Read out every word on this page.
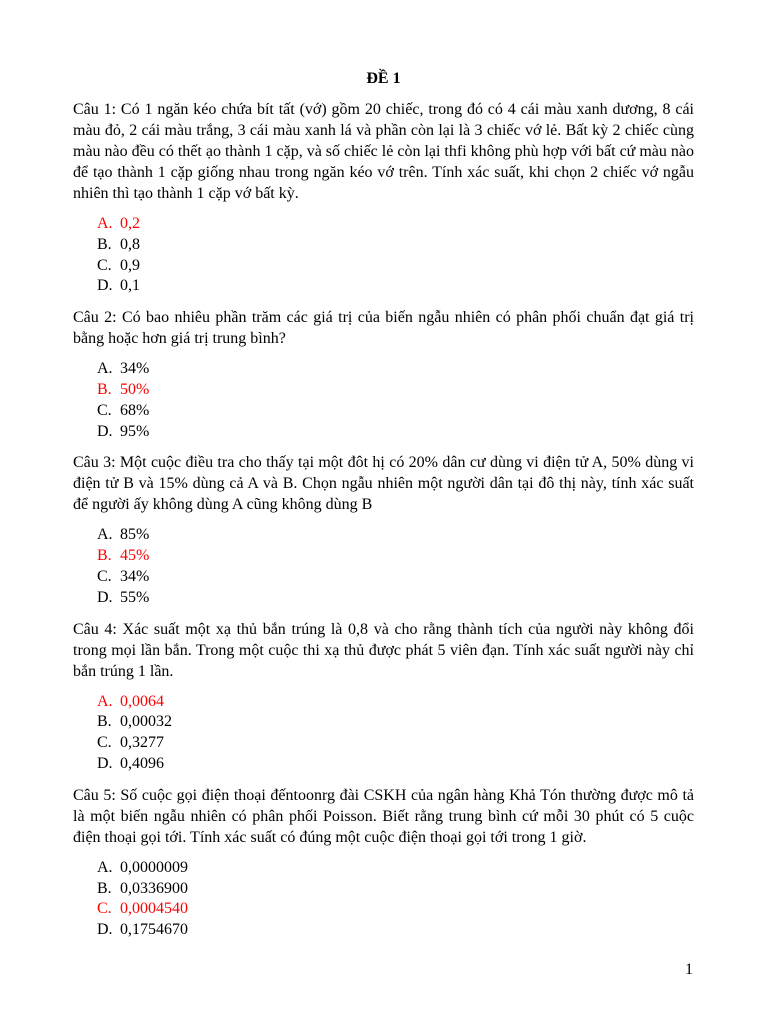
ĐỀ 1

Câu 1: Có 1 ngăn kéo chứa bít tất (vớ) gồm 20 chiếc, trong đó có 4 cái màu xanh dương, 8 cái màu đỏ, 2 cái màu trắng, 3 cái màu xanh lá và phần còn lại là 3 chiếc vớ lẻ. Bất kỳ 2 chiếc cùng màu nào đều có thết ạo thành 1 cặp, và số chiếc lẻ còn lại thfi không phù hợp với bất cứ màu nào để tạo thành 1 cặp giống nhau trong ngăn kéo vớ trên. Tính xác suất, khi chọn 2 chiếc vớ ngẫu nhiên thì tạo thành 1 cặp vớ bất kỳ.

A. 0,2
B. 0,8
C. 0,9
D. 0,1

Câu 2: Có bao nhiêu phần trăm các giá trị của biến ngẫu nhiên có phân phối chuẩn đạt giá trị bằng hoặc hơn giá trị trung bình?

A. 34%
B. 50%
C. 68%
D. 95%

Câu 3: Một cuộc điều tra cho thấy tại một đôt hị có 20% dân cư dùng vi điện tử A, 50% dùng vi điện tử B và 15% dùng cả A và B. Chọn ngẫu nhiên một người dân tại đô thị này, tính xác suất để người ấy không dùng A cũng không dùng B

A. 85%
B. 45%
C. 34%
D. 55%

Câu 4: Xác suất một xạ thủ bắn trúng là 0,8 và cho rằng thành tích của người này không đổi trong mọi lần bắn. Trong một cuộc thi xạ thủ được phát 5 viên đạn. Tính xác suất người này chỉ bắn trúng 1 lần.

A. 0,0064
B. 0,00032
C. 0,3277
D. 0,4096

Câu 5: Số cuộc gọi điện thoại đếntoonrg đài CSKH của ngân hàng Khả Tón thường được mô tả là một biến ngẫu nhiên có phân phối Poisson. Biết rằng trung bình cứ mỗi 30 phút có 5 cuộc điện thoại gọi tới. Tính xác suất có đúng một cuộc điện thoại gọi tới trong 1 giờ.

A. 0,0000009
B. 0,0336900
C. 0,0004540
D. 0,1754670
1
